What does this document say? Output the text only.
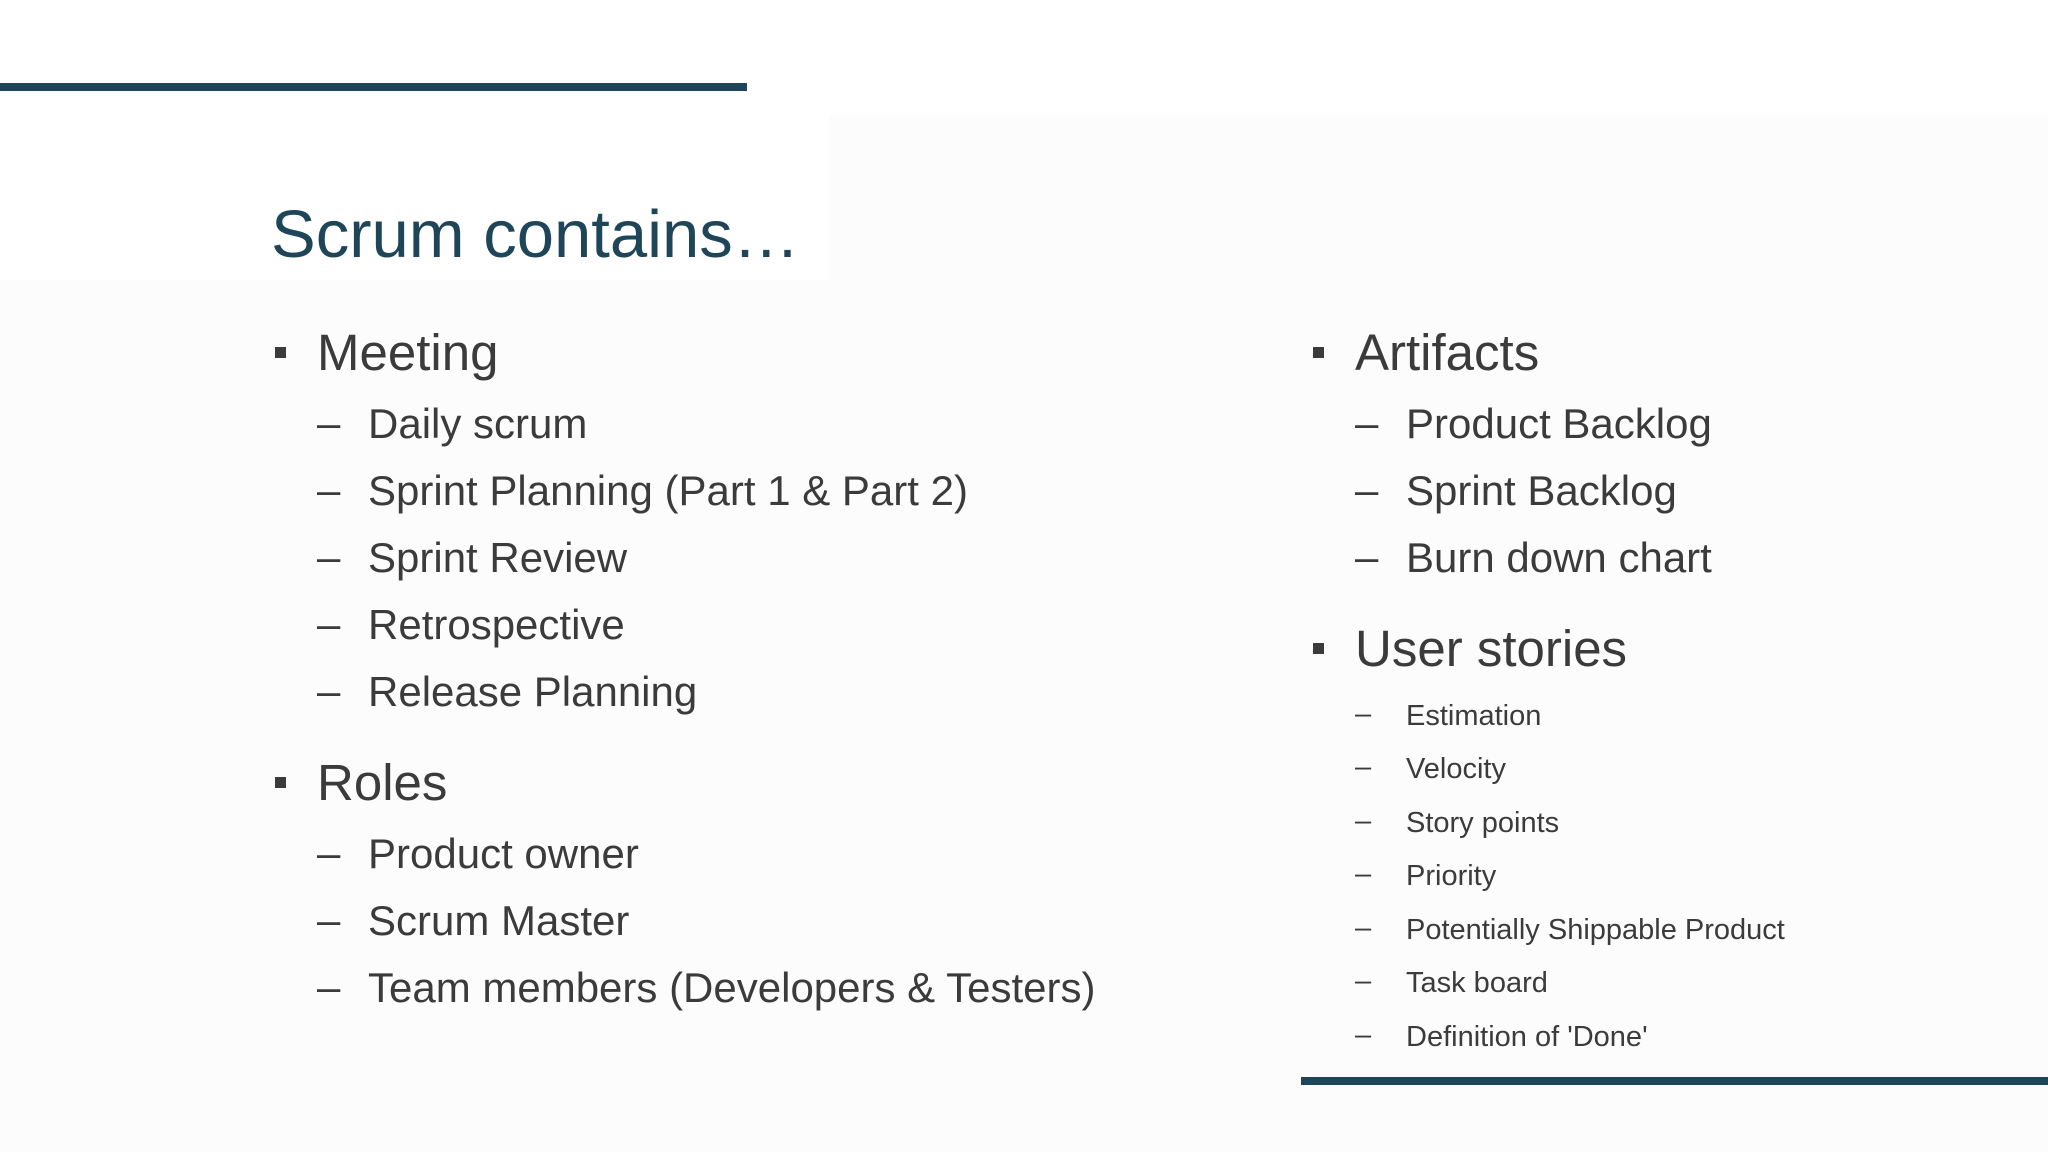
Scrum contains…
Meeting
– Daily scrum
– Sprint Planning (Part 1 & Part 2)
– Sprint Review
– Retrospective
– Release Planning
Roles
– Product owner
– Scrum Master
– Team members (Developers & Testers)
Artifacts
– Product Backlog
– Sprint Backlog
– Burn down chart
User stories
– Estimation
– Velocity
– Story points
– Priority
– Potentially Shippable Product
– Task board
– Definition of 'Done'
